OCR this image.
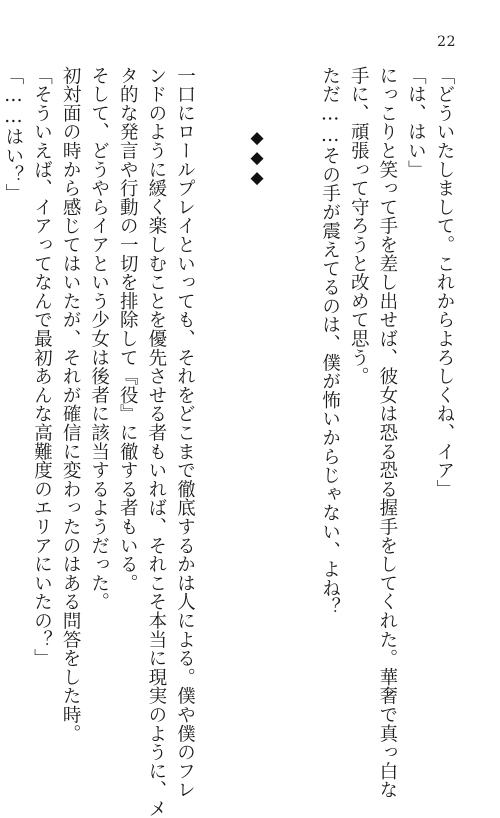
22
「どういたしまして。これからよろしくね、イア」
「は、はい」
にっこりと笑って手を差し出せば、彼女は恐る恐る握手をしてくれた。華奢で真っ白な
手に、頑張って守ろうと改めて思う。
ただ……その手が震えてるのは、僕が怖いからじゃない、よね？
◆◆◆
一口にロールプレイといっても、それをどこまで徹底するかは人による。僕や僕のフレ
ンドのように緩く楽しむことを優先させる者もいれば、それこそ本当に現実のように、メ
タ的な発言や行動の一切を排除して『役』に徹する者もいる。
そして、どうやらイアという少女は後者に該当するようだった。
初対面の時から感じてはいたが、それが確信に変わったのはある問答をした時。
「そういえば、イアってなんで最初あんな高難度のエリアにいたの？」
「……はい？」
